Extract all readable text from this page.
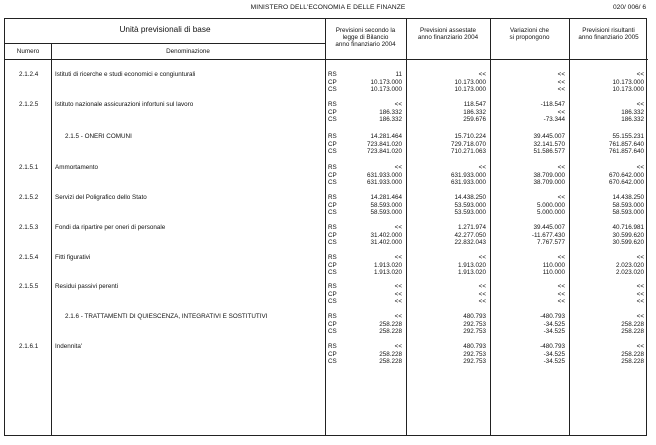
MINISTERO DELL'ECONOMIA E DELLE FINANZE	020/ 006/ 6
Unità previsionali di base
Numero	Denominazione
Previsioni secondo la
legge di Bilancio
anno finanziario 2004
Previsioni assestate
anno finanziario 2004
Variazioni che
si propongono
Previsioni risultanti
anno finanziario 2005
2.1.2.4	Istituti di ricerche e studi economici e congiunturali	RS	11	<<	<<	<<
CP	10.173.000	10.173.000	<<	10.173.000
CS	10.173.000	10.173.000	<<	10.173.000
2.1.2.5	Istituto nazionale assicurazioni infortuni sul lavoro	RS	<<	118.547	-118.547	<<
CP	186.332	186.332	<<	186.332
CS	186.332	259.676	-73.344	186.332
2.1.5 - ONERI COMUNI	RS	14.281.464	15.710.224	39.445.007	55.155.231
CP	723.841.020	729.718.070	32.141.570	761.857.640
CS	723.841.020	710.271.063	51.586.577	761.857.640
2.1.5.1	Ammortamento	RS	<<	<<	<<	<<
CP	631.933.000	631.933.000	38.709.000	670.642.000
CS	631.933.000	631.933.000	38.709.000	670.642.000
2.1.5.2	Servizi del Poligrafico dello Stato	RS	14.281.464	14.438.250	<<	14.438.250
CP	58.593.000	53.593.000	5.000.000	58.593.000
CS	58.593.000	53.593.000	5.000.000	58.593.000
2.1.5.3	Fondi da ripartire per oneri di personale	RS	<<	1.271.974	39.445.007	40.716.981
CP	31.402.000	42.277.050	-11.677.430	30.599.620
CS	31.402.000	22.832.043	7.767.577	30.599.620
2.1.5.4	Fitti figurativi	RS	<<	<<	<<	<<
CP	1.913.020	1.913.020	110.000	2.023.020
CS	1.913.020	1.913.020	110.000	2.023.020
2.1.5.5	Residui passivi perenti	RS	<<	<<	<<	<<
CP	<<	<<	<<	<<
CS	<<	<<	<<	<<
2.1.6 - TRATTAMENTI DI QUIESCENZA, INTEGRATIVI E SOSTITUTIVI	RS	<<	480.793	-480.793	<<
CP	258.228	292.753	-34.525	258.228
CS	258.228	292.753	-34.525	258.228
2.1.6.1	Indennita'	RS	<<	480.793	-480.793	<<
CP	258.228	292.753	-34.525	258.228
CS	258.228	292.753	-34.525	258.228
